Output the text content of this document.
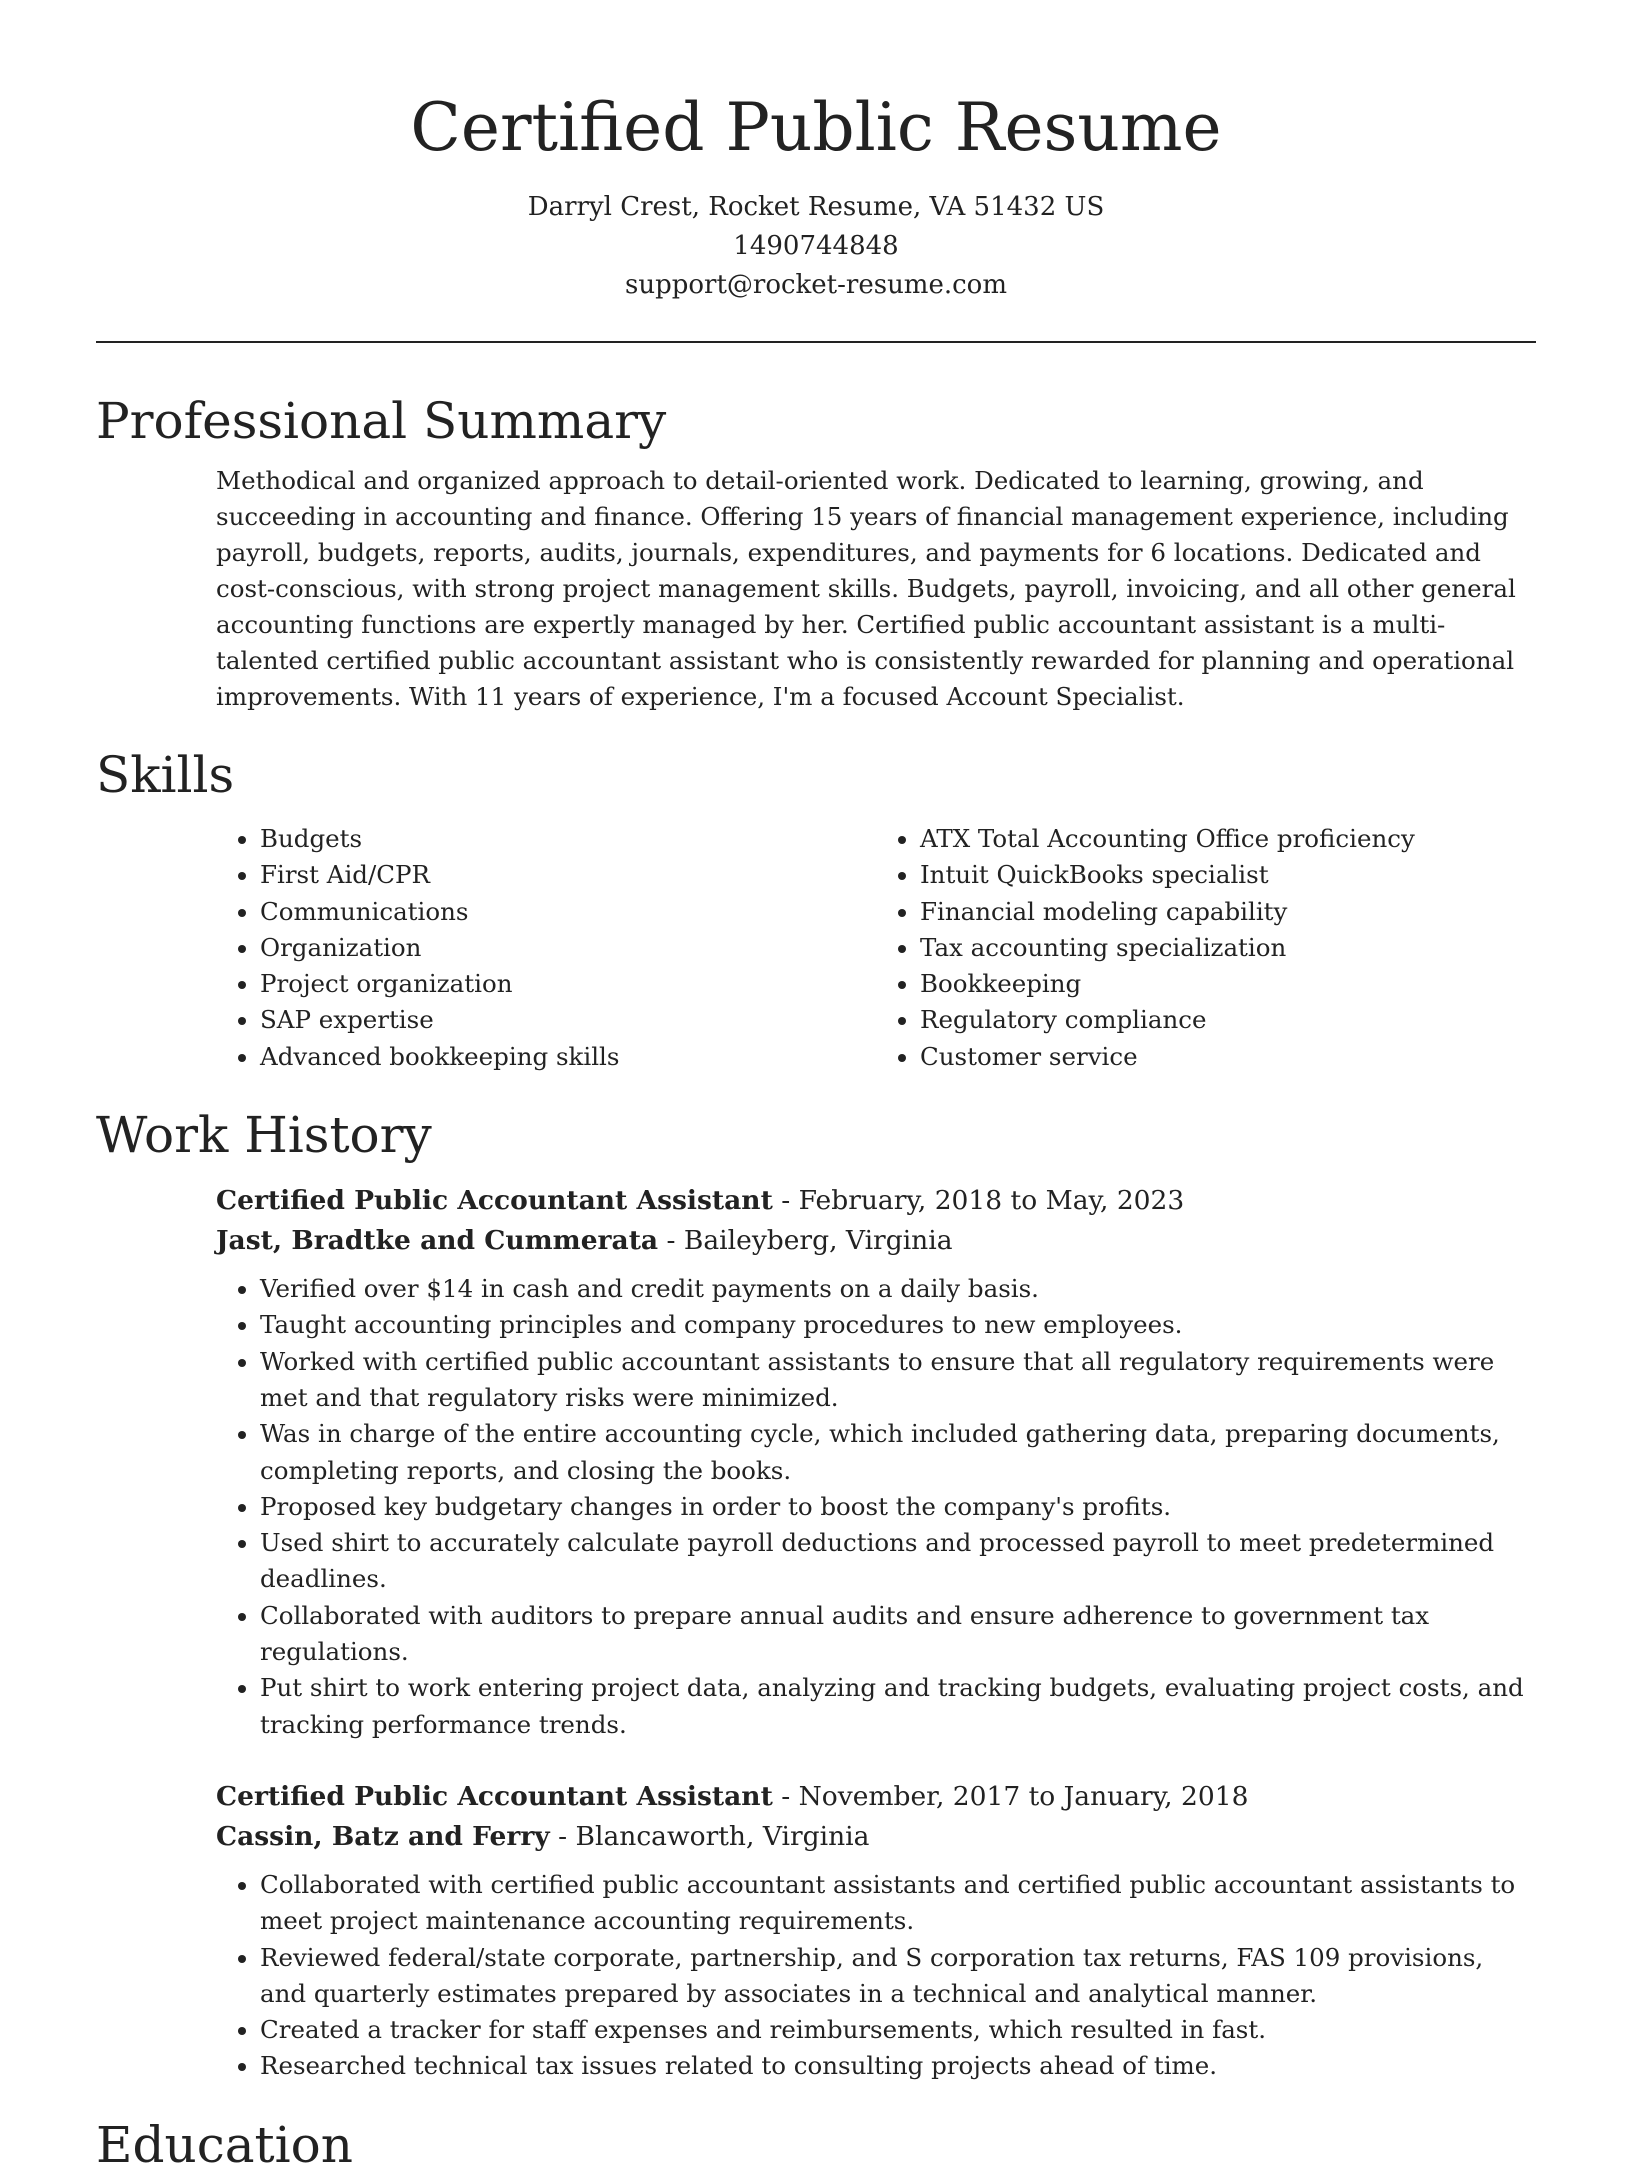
Certified Public Resume

Darryl Crest, Rocket Resume, VA 51432 US

1490744848

support@rocket-resume.com

Professional Summary

Methodical and organized approach to detail-oriented work. Dedicated to learning, growing, and succeeding in accounting and finance. Offering 15 years of financial management experience, including payroll, budgets, reports, audits, journals, expenditures, and payments for 6 locations. Dedicated and cost-conscious, with strong project management skills. Budgets, payroll, invoicing, and all other general accounting functions are expertly managed by her. Certified public accountant assistant is a multi-talented certified public accountant assistant who is consistently rewarded for planning and operational improvements. With 11 years of experience, I'm a focused Account Specialist.

Skills
• Budgets
• First Aid/CPR
• Communications
• Organization
• Project organization
• SAP expertise
• Advanced bookkeeping skills
• ATX Total Accounting Office proficiency
• Intuit QuickBooks specialist
• Financial modeling capability
• Tax accounting specialization
• Bookkeeping
• Regulatory compliance
• Customer service
Work History

Certified Public Accountant Assistant - February, 2018 to May, 2023

Jast, Bradtke and Cummerata - Baileyberg, Virginia

• Verified over $14 in cash and credit payments on a daily basis.
• Taught accounting principles and company procedures to new employees.
• Worked with certified public accountant assistants to ensure that all regulatory requirements were met and that regulatory risks were minimized.
• Was in charge of the entire accounting cycle, which included gathering data, preparing documents, completing reports, and closing the books.
• Proposed key budgetary changes in order to boost the company's profits.
• Used shirt to accurately calculate payroll deductions and processed payroll to meet predetermined deadlines.
• Collaborated with auditors to prepare annual audits and ensure adherence to government tax regulations.
• Put shirt to work entering project data, analyzing and tracking budgets, evaluating project costs, and tracking performance trends.

Certified Public Accountant Assistant - November, 2017 to January, 2018

Cassin, Batz and Ferry - Blancaworth, Virginia

• Collaborated with certified public accountant assistants and certified public accountant assistants to meet project maintenance accounting requirements.
• Reviewed federal/state corporate, partnership, and S corporation tax returns, FAS 109 provisions, and quarterly estimates prepared by associates in a technical and analytical manner.
• Created a tracker for staff expenses and reimbursements, which resulted in fast.
• Researched technical tax issues related to consulting projects ahead of time.
Education
